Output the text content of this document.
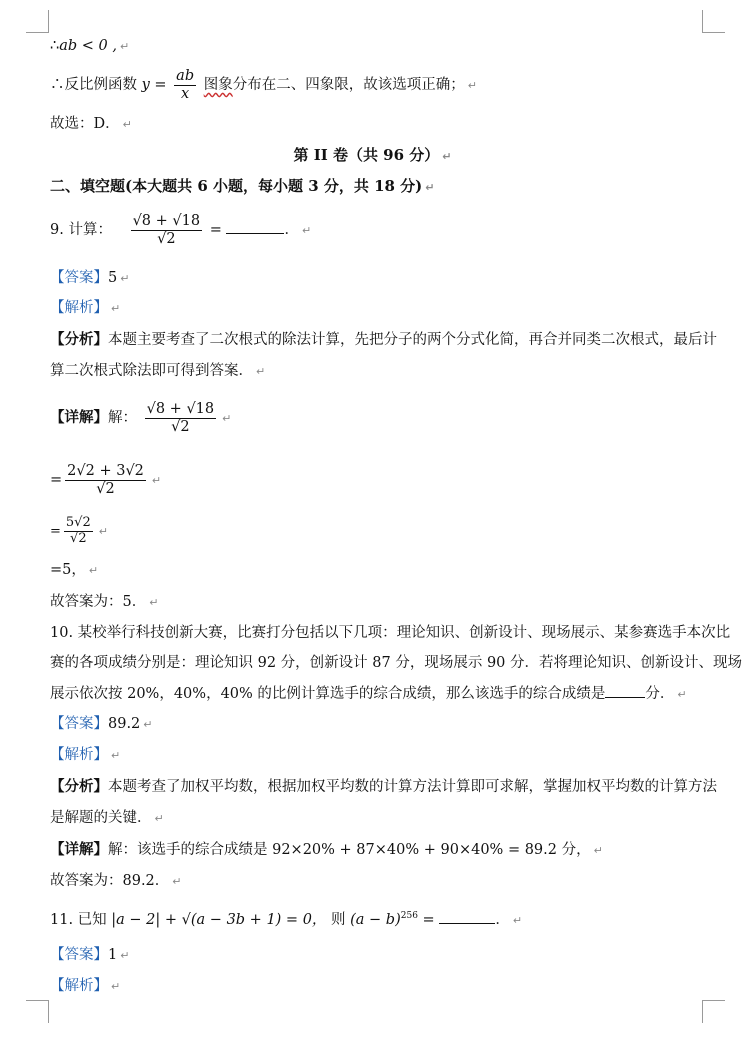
∴ab < 0 , ↵
∴反比例函数 $y = \frac{ab}{x}$ 图象分布在二、四象限，故该选项正确； ↵
故选：D． ↵
第 II 卷（共 96 分） ↵
二、填空题(本大题共 6 小题，每小题 3 分，共 18 分) ↵
9. 计算： $\frac{√8 + √18}{√2}$ =	． ↵
【答案】5 ↵
【解析】 ↵
【分析】本题主要考查了二次根式的除法计算，先把分子的两个分式化简，再合并同类二次根式，最后计
算二次根式除法即可得到答案． ↵
【详解】解： $\frac{√8 + √18}{√2}$ ↵
= $\frac{2√2 + 3√2}{√2}$ ↵
= $\frac{5√2}{√2}$ ↵
=5， ↵
故答案为：5． ↵
10. 某校举行科技创新大赛，比赛打分包括以下几项：理论知识、创新设计、现场展示、某参赛选手本次比
赛的各项成绩分别是：理论知识 92 分，创新设计 87 分，现场展示 90 分．若将理论知识、创新设计、现场
展示依次按 20%，40%，40% 的比例计算选手的综合成绩，那么该选手的综合成绩是	分． ↵
【答案】89.2 ↵
【解析】 ↵
【分析】本题考查了加权平均数，根据加权平均数的计算方法计算即可求解，掌握加权平均数的计算方法
是解题的关键． ↵
【详解】解：该选手的综合成绩是 92×20% + 87×40% + 90×40% = 89.2 分， ↵
故答案为：89.2． ↵
11. 已知 |a − 2| + √(a − 3b + 1) = 0， 则 $(a - b)^{256}$ =	． ↵
【答案】1 ↵
【解析】 ↵
